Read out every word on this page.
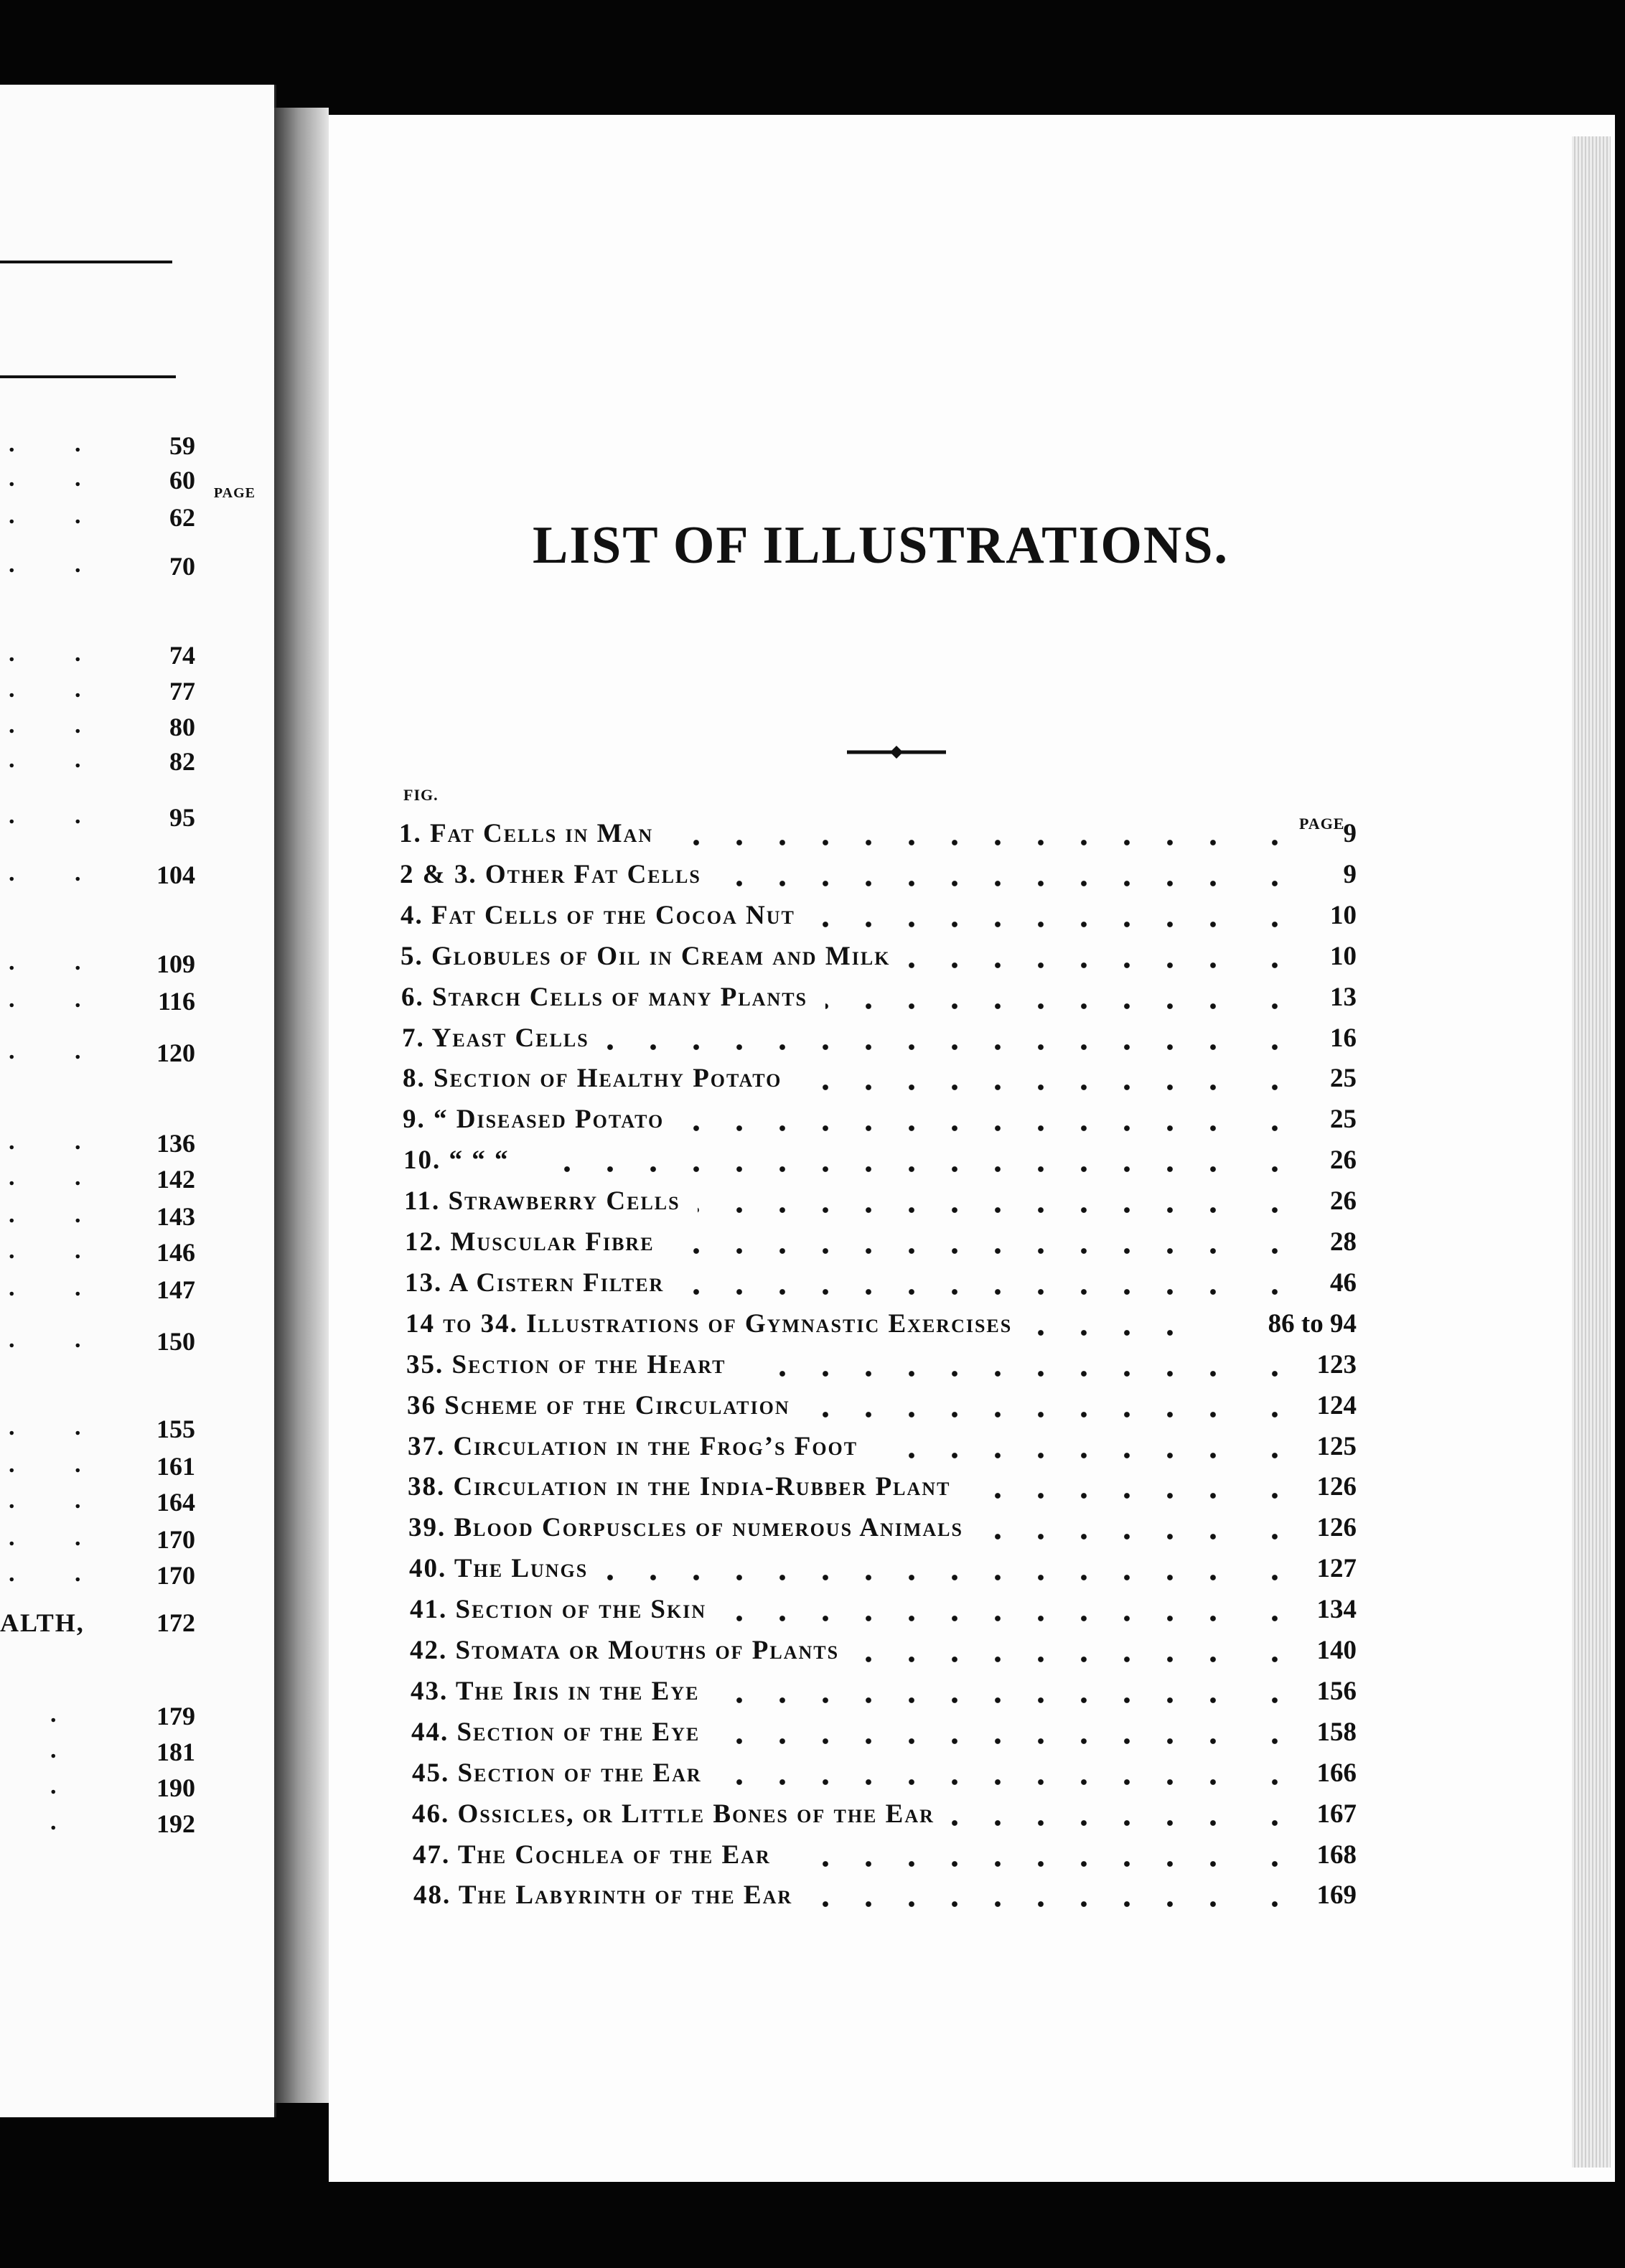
PAGE
. .	59
. .	60
. .	62
. .	70
. .	74
. .	77
. .	80
. .	82
. .	95
. .	104
. .	109
. .	116
. .	120
. .	136
. .	142
. .	143
. .	146
. .	147
. .	150
. .	155
. .	161
. .	164
. .	170
. .	170
.	179
.	181
.	190
.	192
ALTH,	172
LIST OF ILLUSTRATIONS.
FIG.
PAGE
1. Fat Cells in Man	9
2 & 3. Other Fat Cells	9
4. Fat Cells of the Cocoa Nut	10
5. Globules of Oil in Cream and Milk	10
6. Starch Cells of many Plants	13
7. Yeast Cells	16
8. Section of Healthy Potato	25
9. “ Diseased Potato	25
10. “ “ “	26
11. Strawberry Cells	26
12. Muscular Fibre	28
13. A Cistern Filter	46
14 to 34. Illustrations of Gymnastic Exercises	86 to 94
35. Section of the Heart	123
36 Scheme of the Circulation	124
37. Circulation in the Frog’s Foot	125
38. Circulation in the India-Rubber Plant	126
39. Blood Corpuscles of numerous Animals	126
40. The Lungs	127
41. Section of the Skin	134
42. Stomata or Mouths of Plants	140
43. The Iris in the Eye	156
44. Section of the Eye	158
45. Section of the Ear	166
46. Ossicles, or Little Bones of the Ear	167
47. The Cochlea of the Ear	168
48. The Labyrinth of the Ear	169
